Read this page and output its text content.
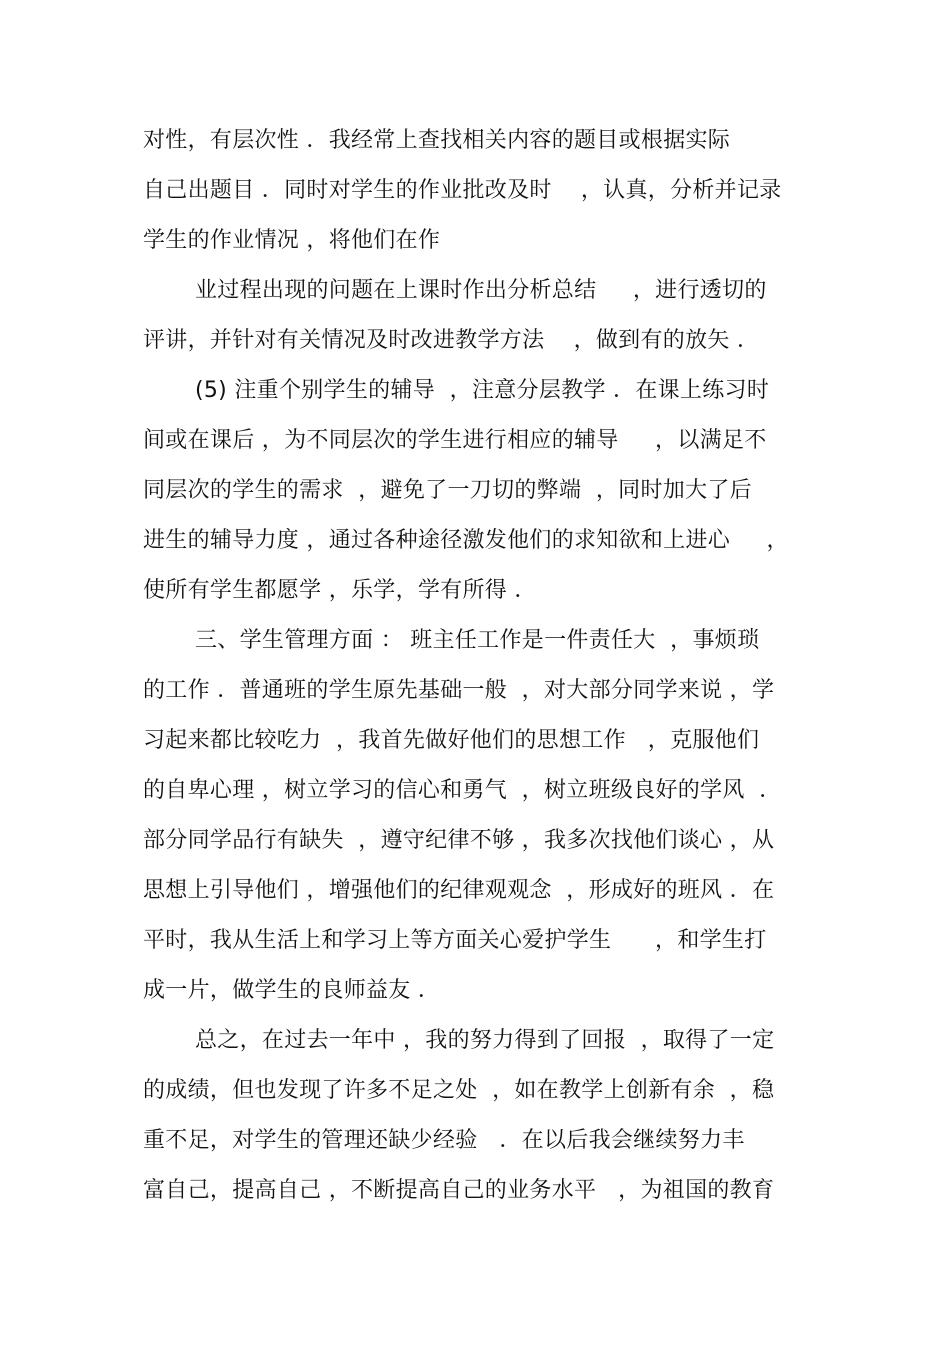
对性，有层次性 ．我经常上查找相关内容的题目或根据实际
自己出题目 ．同时对学生的作业批改及时    ，认真，分析并记录
学生的作业情况 ，将他们在作
业过程出现的问题在上课时作出分析总结     ，进行透切的
评讲，并针对有关情况及时改进教学方法    ，做到有的放矢 ．
(5) 注重个别学生的辅导  ，注意分层教学 ．在课上练习时
间或在课后 ，为不同层次的学生进行相应的辅导     ，以满足不
同层次的学生的需求  ，避免了一刀切的弊端  ，同时加大了后
进生的辅导力度 ，通过各种途径激发他们的求知欲和上进心     ，
使所有学生都愿学 ，乐学，学有所得 ．
三、学生管理方面 ： 班主任工作是一件责任大  ，事烦琐
的工作 ．普通班的学生原先基础一般  ，对大部分同学来说 ，学
习起来都比较吃力  ，我首先做好他们的思想工作   ，克服他们
的自卑心理 ，树立学习的信心和勇气  ，树立班级良好的学风  ．
部分同学品行有缺失  ，遵守纪律不够 ，我多次找他们谈心 ，从
思想上引导他们 ，增强他们的纪律观观念  ，形成好的班风 ．在
平时，我从生活上和学习上等方面关心爱护学生      ，和学生打
成一片，做学生的良师益友 ．
总之，在过去一年中 ，我的努力得到了回报  ，取得了一定
的成绩，但也发现了许多不足之处  ，如在教学上创新有余  ，稳
重不足，对学生的管理还缺少经验   ．在以后我会继续努力丰
富自己，提高自己 ，不断提高自己的业务水平   ，为祖国的教育
